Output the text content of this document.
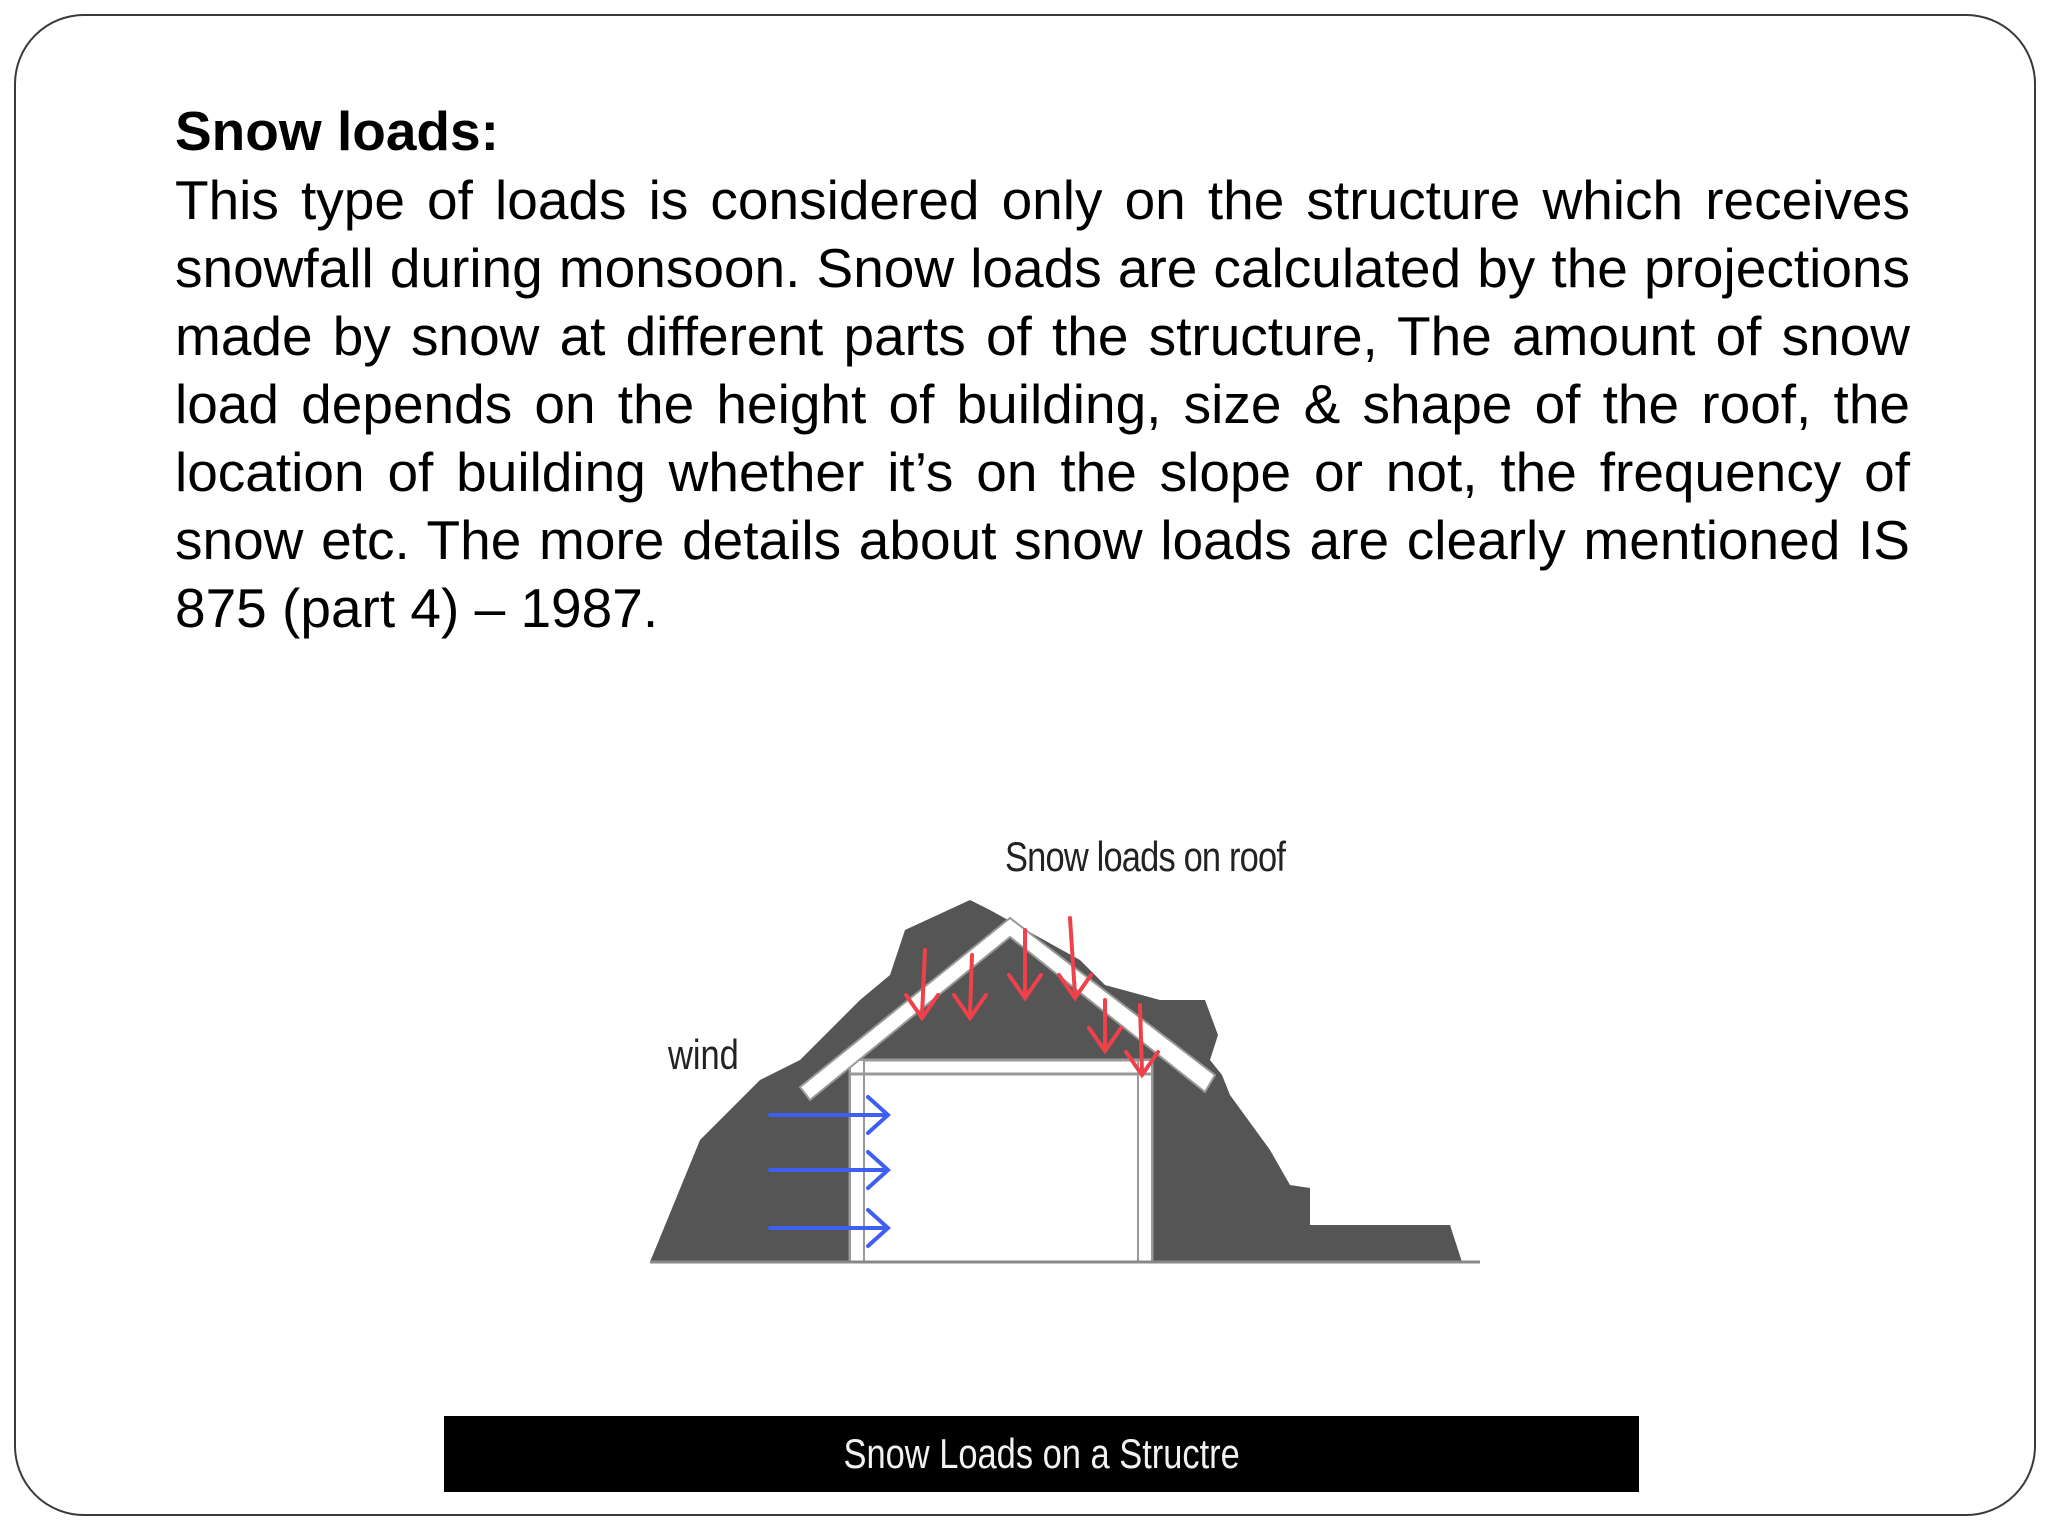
Snow loads:

This type of loads is considered only on the structure which receives snowfall during monsoon. Snow loads are calculated by the projections made by snow at different parts of the structure, The amount of snow load depends on the height of building, size & shape of the roof, the location of building whether it’s on the slope or not, the frequency of snow etc. The more details about snow loads are clearly mentioned IS 875 (part 4) – 1987.

Snow loads on roof
wind
Snow Loads on a Structre
